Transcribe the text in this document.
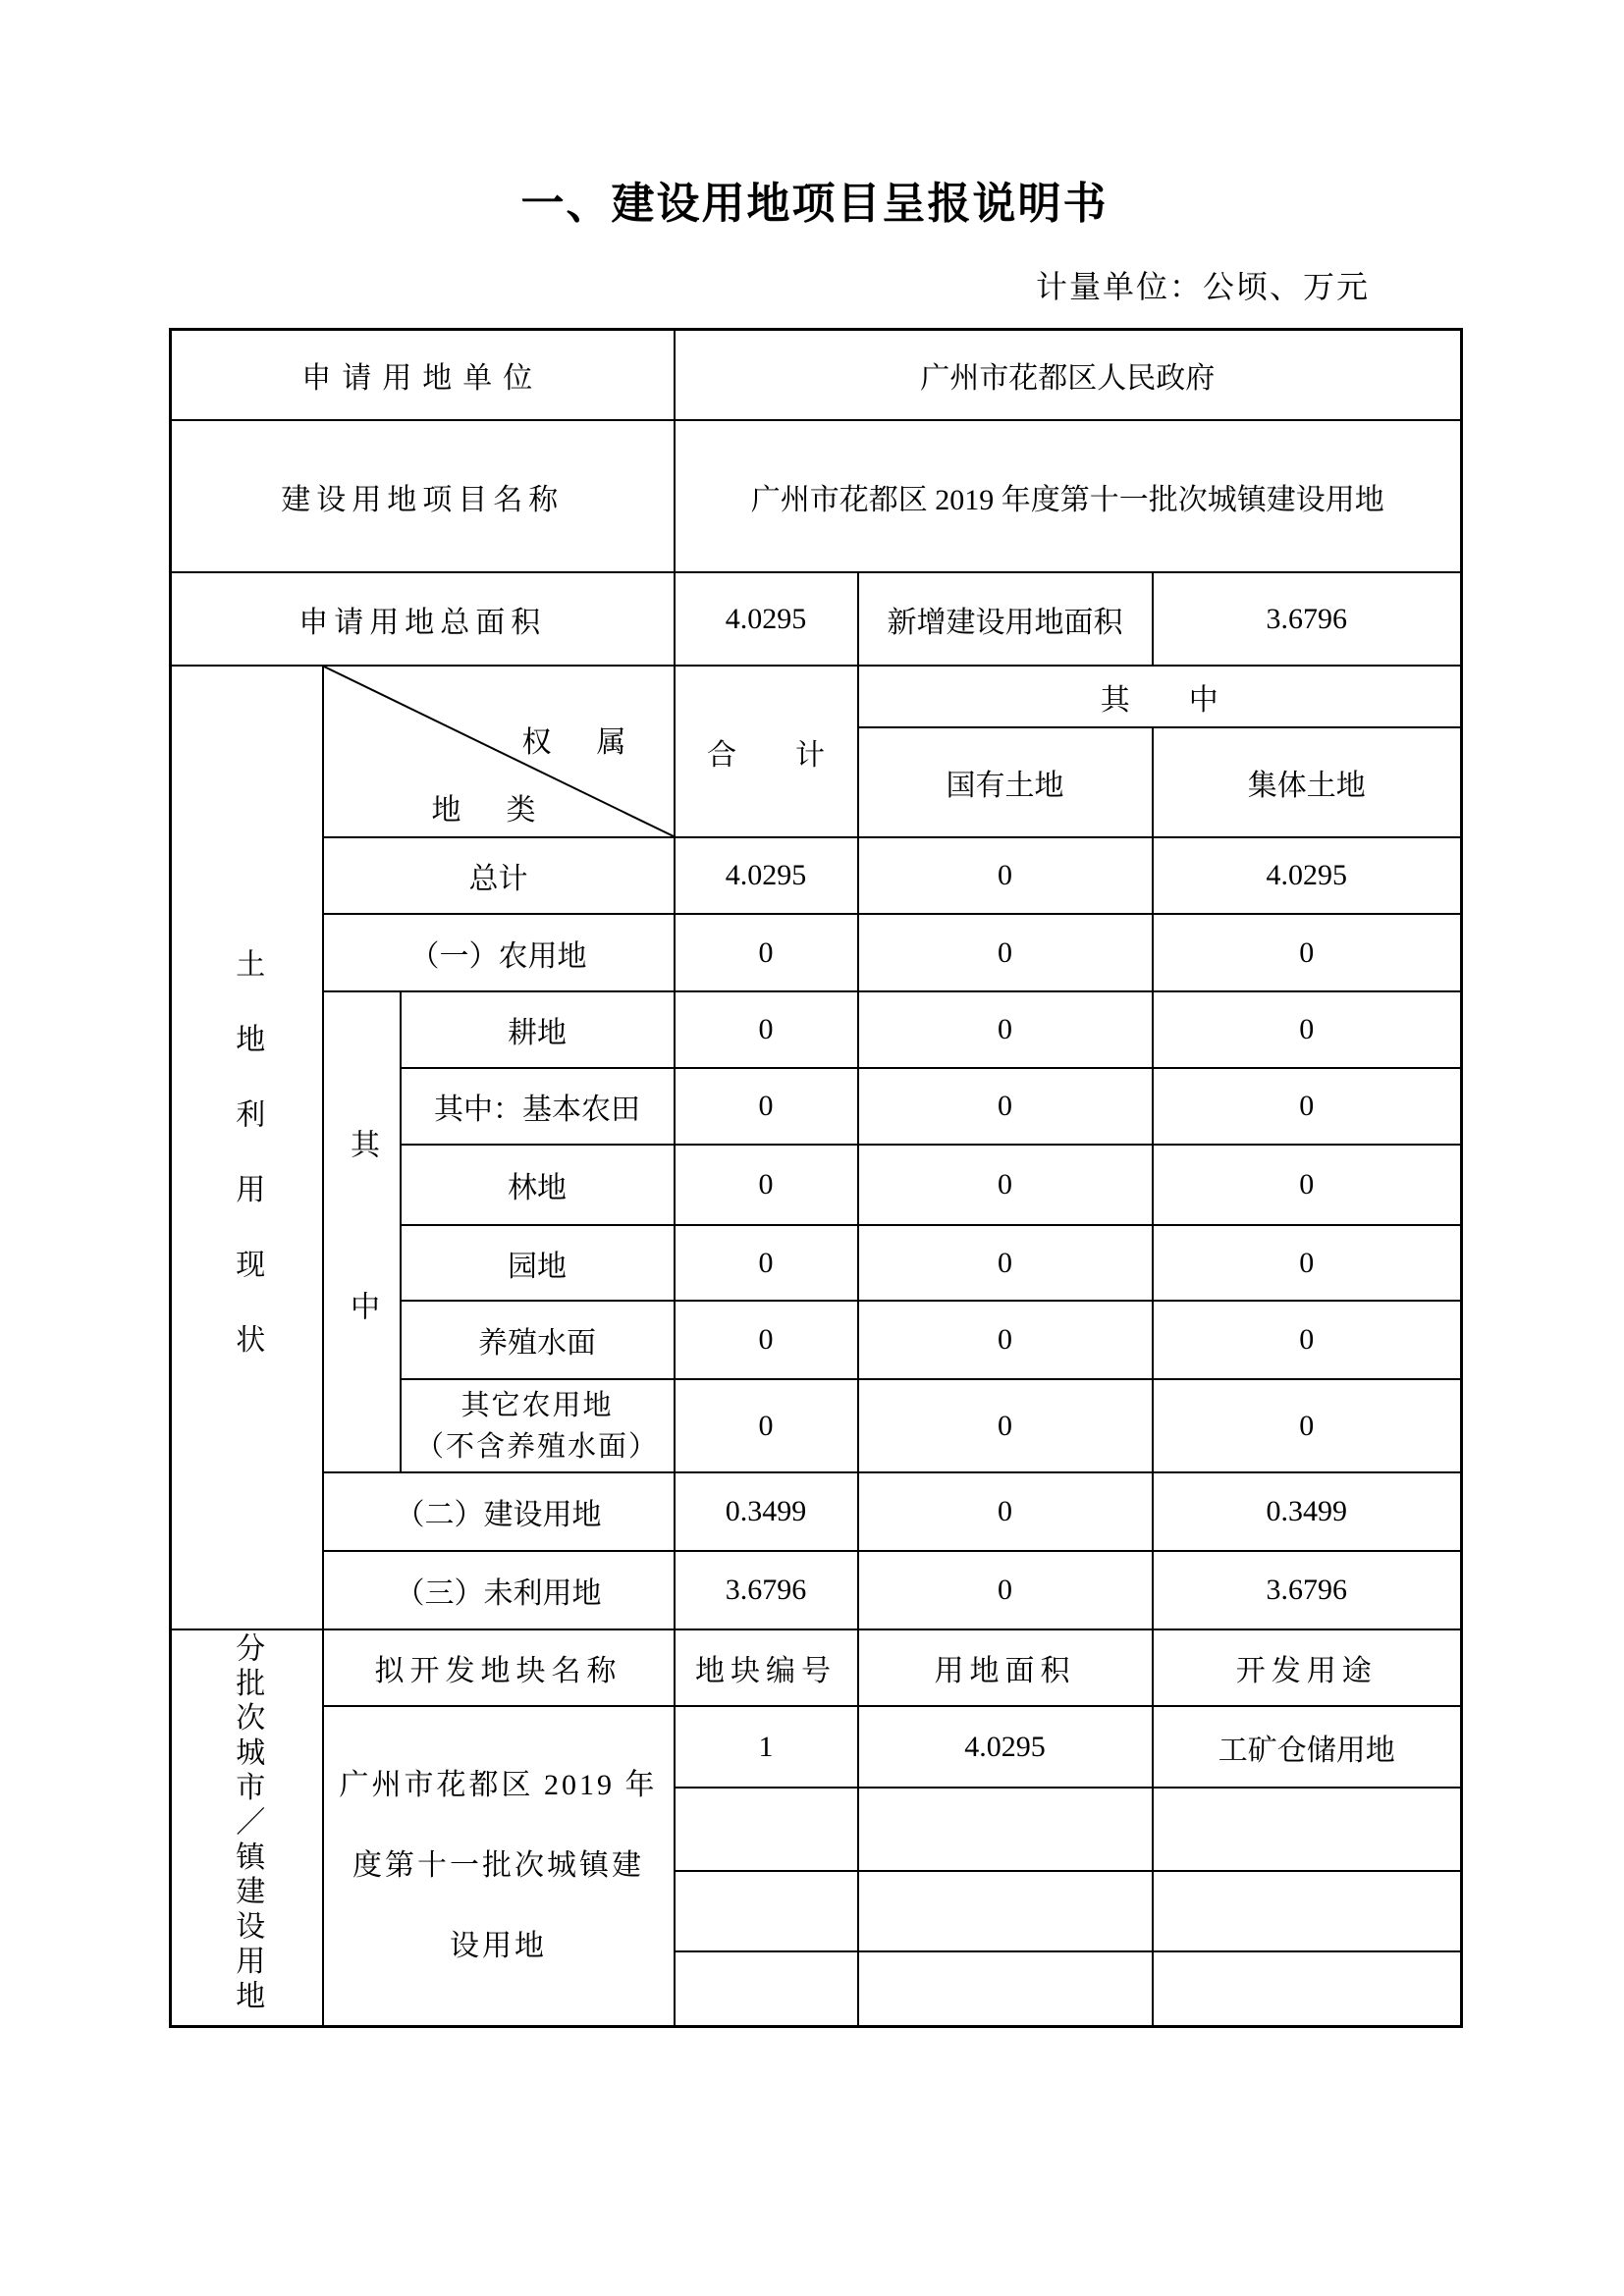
一、建设用地项目呈报说明书
计量单位：公顷、万元
申请用地单位			广州市花都区人民政府		
建设用地项目名称			广州市花都区 2019 年度第十一批次城镇建设用地		
申请用地总面积			4.0295	新增建设用地面积	3.6796
土地利用现状	权　属
地　类		合　　计	其　　中	
				国有土地	集体土地
	总计		4.0295	0	4.0295
	（一）农用地		0	0	0
	其中	耕地	0	0	0
		其中：基本农田	0	0	0
		林地	0	0	0
		园地	0	0	0
		养殖水面	0	0	0

		其它农用地
（不含养殖水面）	0	0	0
	（二）建设用地		0.3499	0	0.3499
	（三）未利用地		3.6796	0	3.6796
分批次城市／镇建设用地	拟开发地块名称		地块编号	用地面积	开发用途

	广州市花都区 2019 年
度第十一批次城镇建
设用地		1	4.0295	工矿仓储用地
